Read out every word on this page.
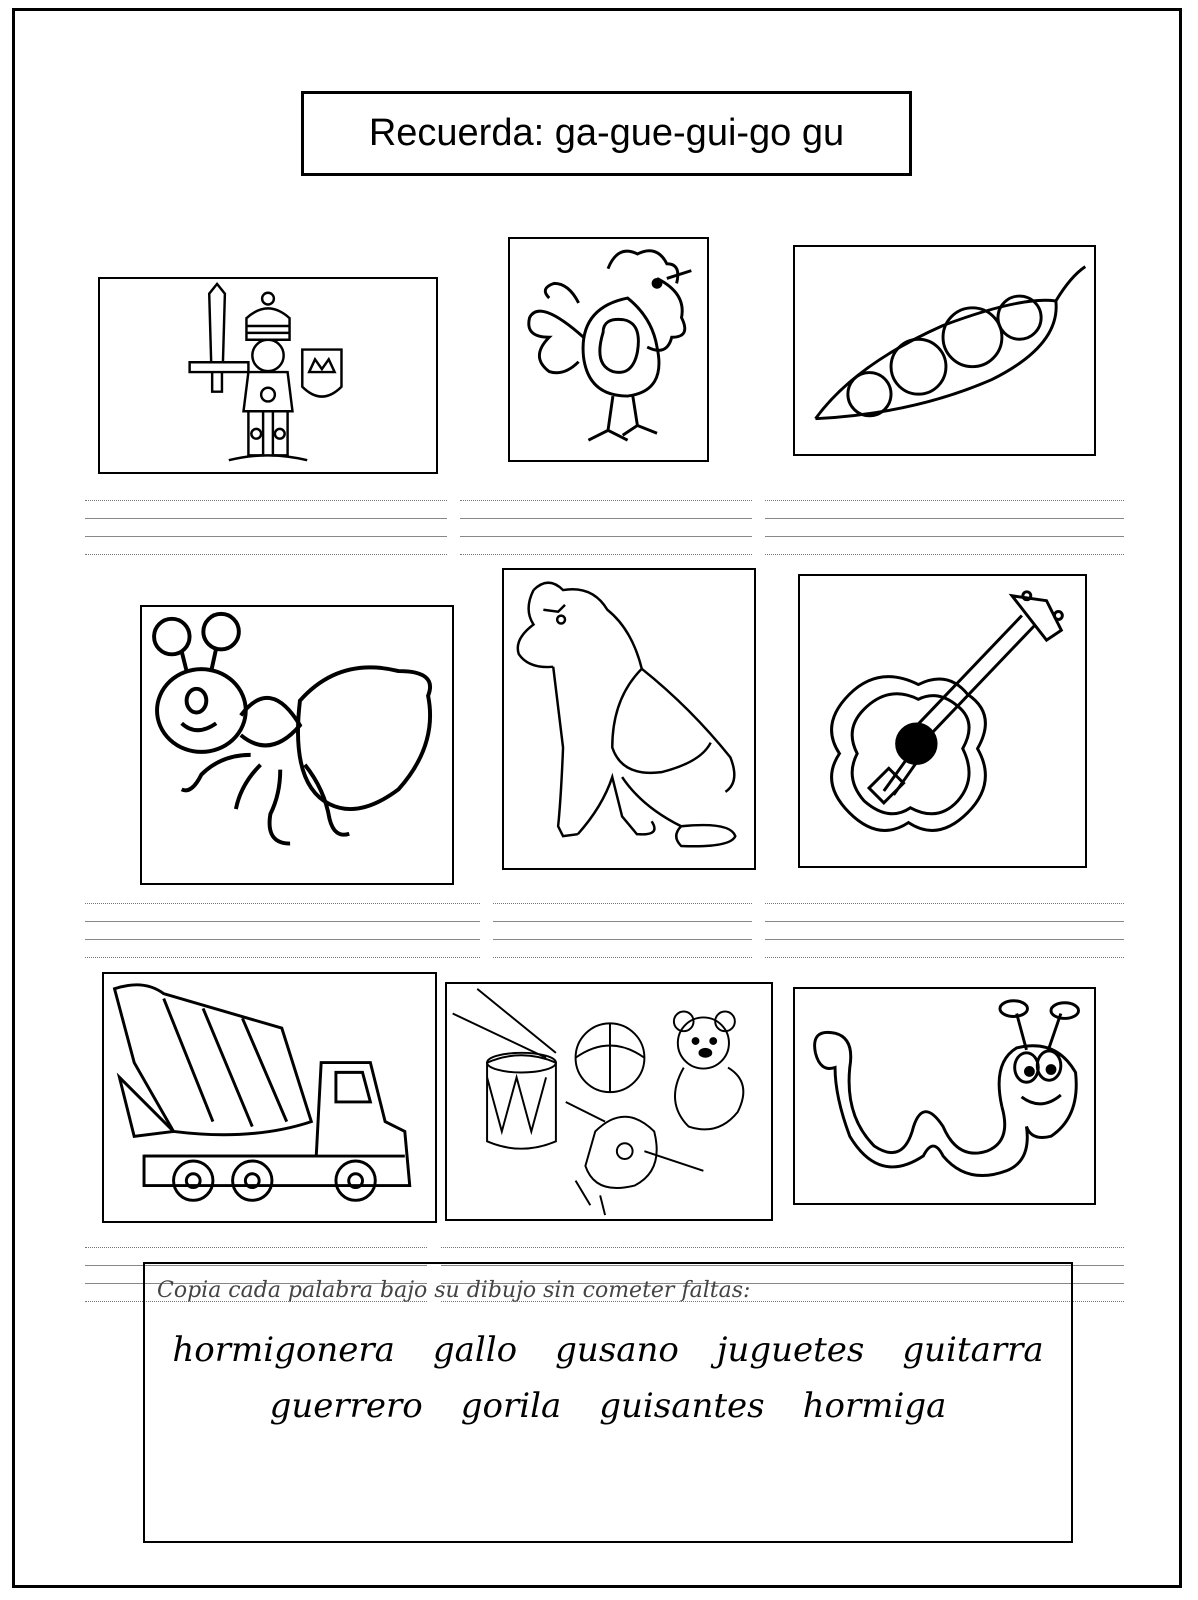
Recuerda: ga-gue-gui-go gu
Copia cada palabra bajo su dibujo sin cometer faltas:
hormigonera gallo gusano juguetes guitarra
guerrero gorila guisantes hormiga
